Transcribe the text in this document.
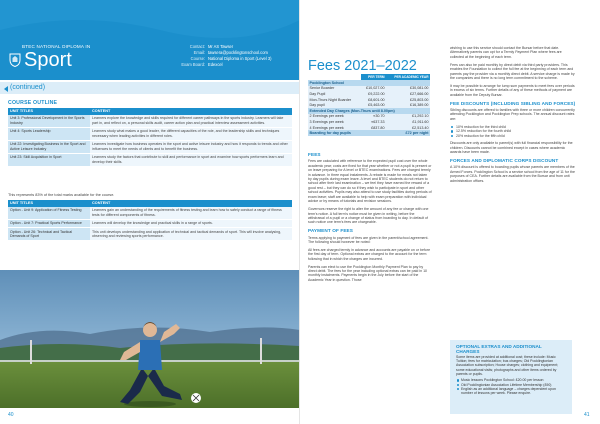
BTEC NATIONAL DIPLOMA IN
Sport
Contact: Mr AS Tawser
Email: tawsera@pocklingtonschool.com
Course: National Diploma in Sport (Level 3)
Exam Board: Edexcel
(continued)
COURSE OUTLINE
UNIT TITLES	CONTENT
Unit 3: Professional Development in the Sports Industry	Learners explore the knowledge and skills required for different career pathways in the sports industry. Learners will take part in, and reflect on, a personal skills audit, career action plan and practical interview assessment activities.
Unit 4: Sports Leadership	Learners study what makes a good leader, the different capacities of the role, and the leadership skills and techniques necessary when leading activities in different roles.
Unit 22: Investigating Business in the Sport and Active Leisure Industry	Learners investigate how business operates in the sport and active leisure industry and how it responds to trends and other influences to meet the needs of clients and to benefit the business.
Unit 23: Skill Acquisition in Sport	Learners study the factors that contribute to skill and performance in sport and examine how sports performers learn and develop their skills.
This represents 83% of the total marks available for the course.
UNIT TITLES	CONTENT
Option - Unit 9: Application of Fitness Testing	Learners gain an understanding of the requirements of fitness testing and learn how to safely conduct a range of fitness tests for different components of fitness.
Option - Unit 7: Practical Sports Performance	Learners will develop the knowledge and practical skills in a range of sports.
Option - Unit 26: Technical and Tactical Demands of Sport	This unit develops understanding and application of technical and tactical demands of sport. This will involve analysing, observing and reviewing sports performance.
40
Fees 2021–2022
	PER TERM	PER ACADEMIC YEAR
Pocklington School		
Senior Boarder	£10,027.00	£30,081.00
Day Pupil	£9,222.00	£27,666.00
Mon-Thurs Night Boarder	£8,601.00	£25,803.00
Day pupil	£5,463.00	£16,389.00
Extended Day Charges (Mon-Thurs until 8.00pm)		
2 Evenings per week	¤30.70	£1,292.10
3 Evenings per week	¤637.33	£1,911.60
4 Evenings per week	£837.80	£2,513.40
Boarding for day pupils		£72 per night
FEES

Fees are calculated with reference to the expected pupil cost over the whole academic year; costs are fixed for that year whether or not a pupil is present or on leave preparing for A level or BTEC examinations. Fees are charged termly in advance. In three equal instalments. A rebate is made for meals not taken by day pupils during exam leave. A level and BTEC students do not return to school after their last examination – we feel they have earned the reward of a good rest – but they can do so if they wish to participate in sport and other school activities. Pupils may also attend to use study facilities during periods of exam leave; staff are available to help with exam preparation with individual advice or by means of tutorials and revision sessions.

Governors reserve the right to alter the amount of any fee or charge with one term's notice. A full term's notice must be given in writing, before the withdrawal of a pupil or a change of status from boarding to day. In default of such notice one term's fees are chargeable.

PAYMENT OF FEES

Terms applying to payment of fees are given in the parent/school agreement. The following should however be noted:

All fees are charged termly in advance and accounts are payable on or before the first day of term. Optional extras are charged to the account for the term following that in which the charges are incurred.

Parents can elect to use the Pocklington Monthly Payment Plan to pay by direct debit. The fees for the year including optional extras can be paid in 10 monthly instalments. Payments begin in the July before the start of the Academic Year in question. Those

wishing to use this service should contact the Bursar before that date. Alternatively parents can opt for a Termly Payment Plan where fees are collected at the beginning of each term.

Fees can also be paid monthly by direct debit via third party providers. This enables the Foundation to collect the full fee at the beginning of each term and parents pay the provider via a monthly direct debit. A service charge is made by the companies and there is no long term commitment to the scheme.

It may be possible to arrange for lump sum payments to meet fees over periods in excess of six terms. Further details of any of these methods of payment are available from the Deputy Bursar.

FEE DISCOUNTS (INCLUDING SIBLING AND FORCES)

Sibling discounts are offered to families with three or more children concurrently attending Pocklington and Pocklington Prep schools. The annual discount rates are:

10% reduction for the third child
12.5% reduction for the fourth child
20% reduction for the fifth child

Discounts are only available to parent(s) with full financial responsibility for the children. Discounts cannot be combined except in cases where academic awards have been made.

FORCES AND DIPLOMATIC CORPS DISCOUNT

A 10% discount is offered to boarding pupils whose parents are members of the Armed Forces. Pocklington School is a service school from the age of 11 for the purposes of CEA. Further details are available from the Bursar and from unit administration offices.

OPTIONAL EXTRAS AND ADDITIONAL CHARGES

Some items are provided at additional cost; these include: Music Tuition; fees for matriculation; bus charges; Old Pocklingtonian Association subscription; House charges; clothing and equipment; some educational visits; photographs and other items ordered by parents or pupils.

Music lessons Pocklington School: £20.00 per lesson
Old Pocklingtonian Association Lifetime Membership (£90)
English as an additional language – charges dependent upon number of lessons per week. Please enquire.
41
